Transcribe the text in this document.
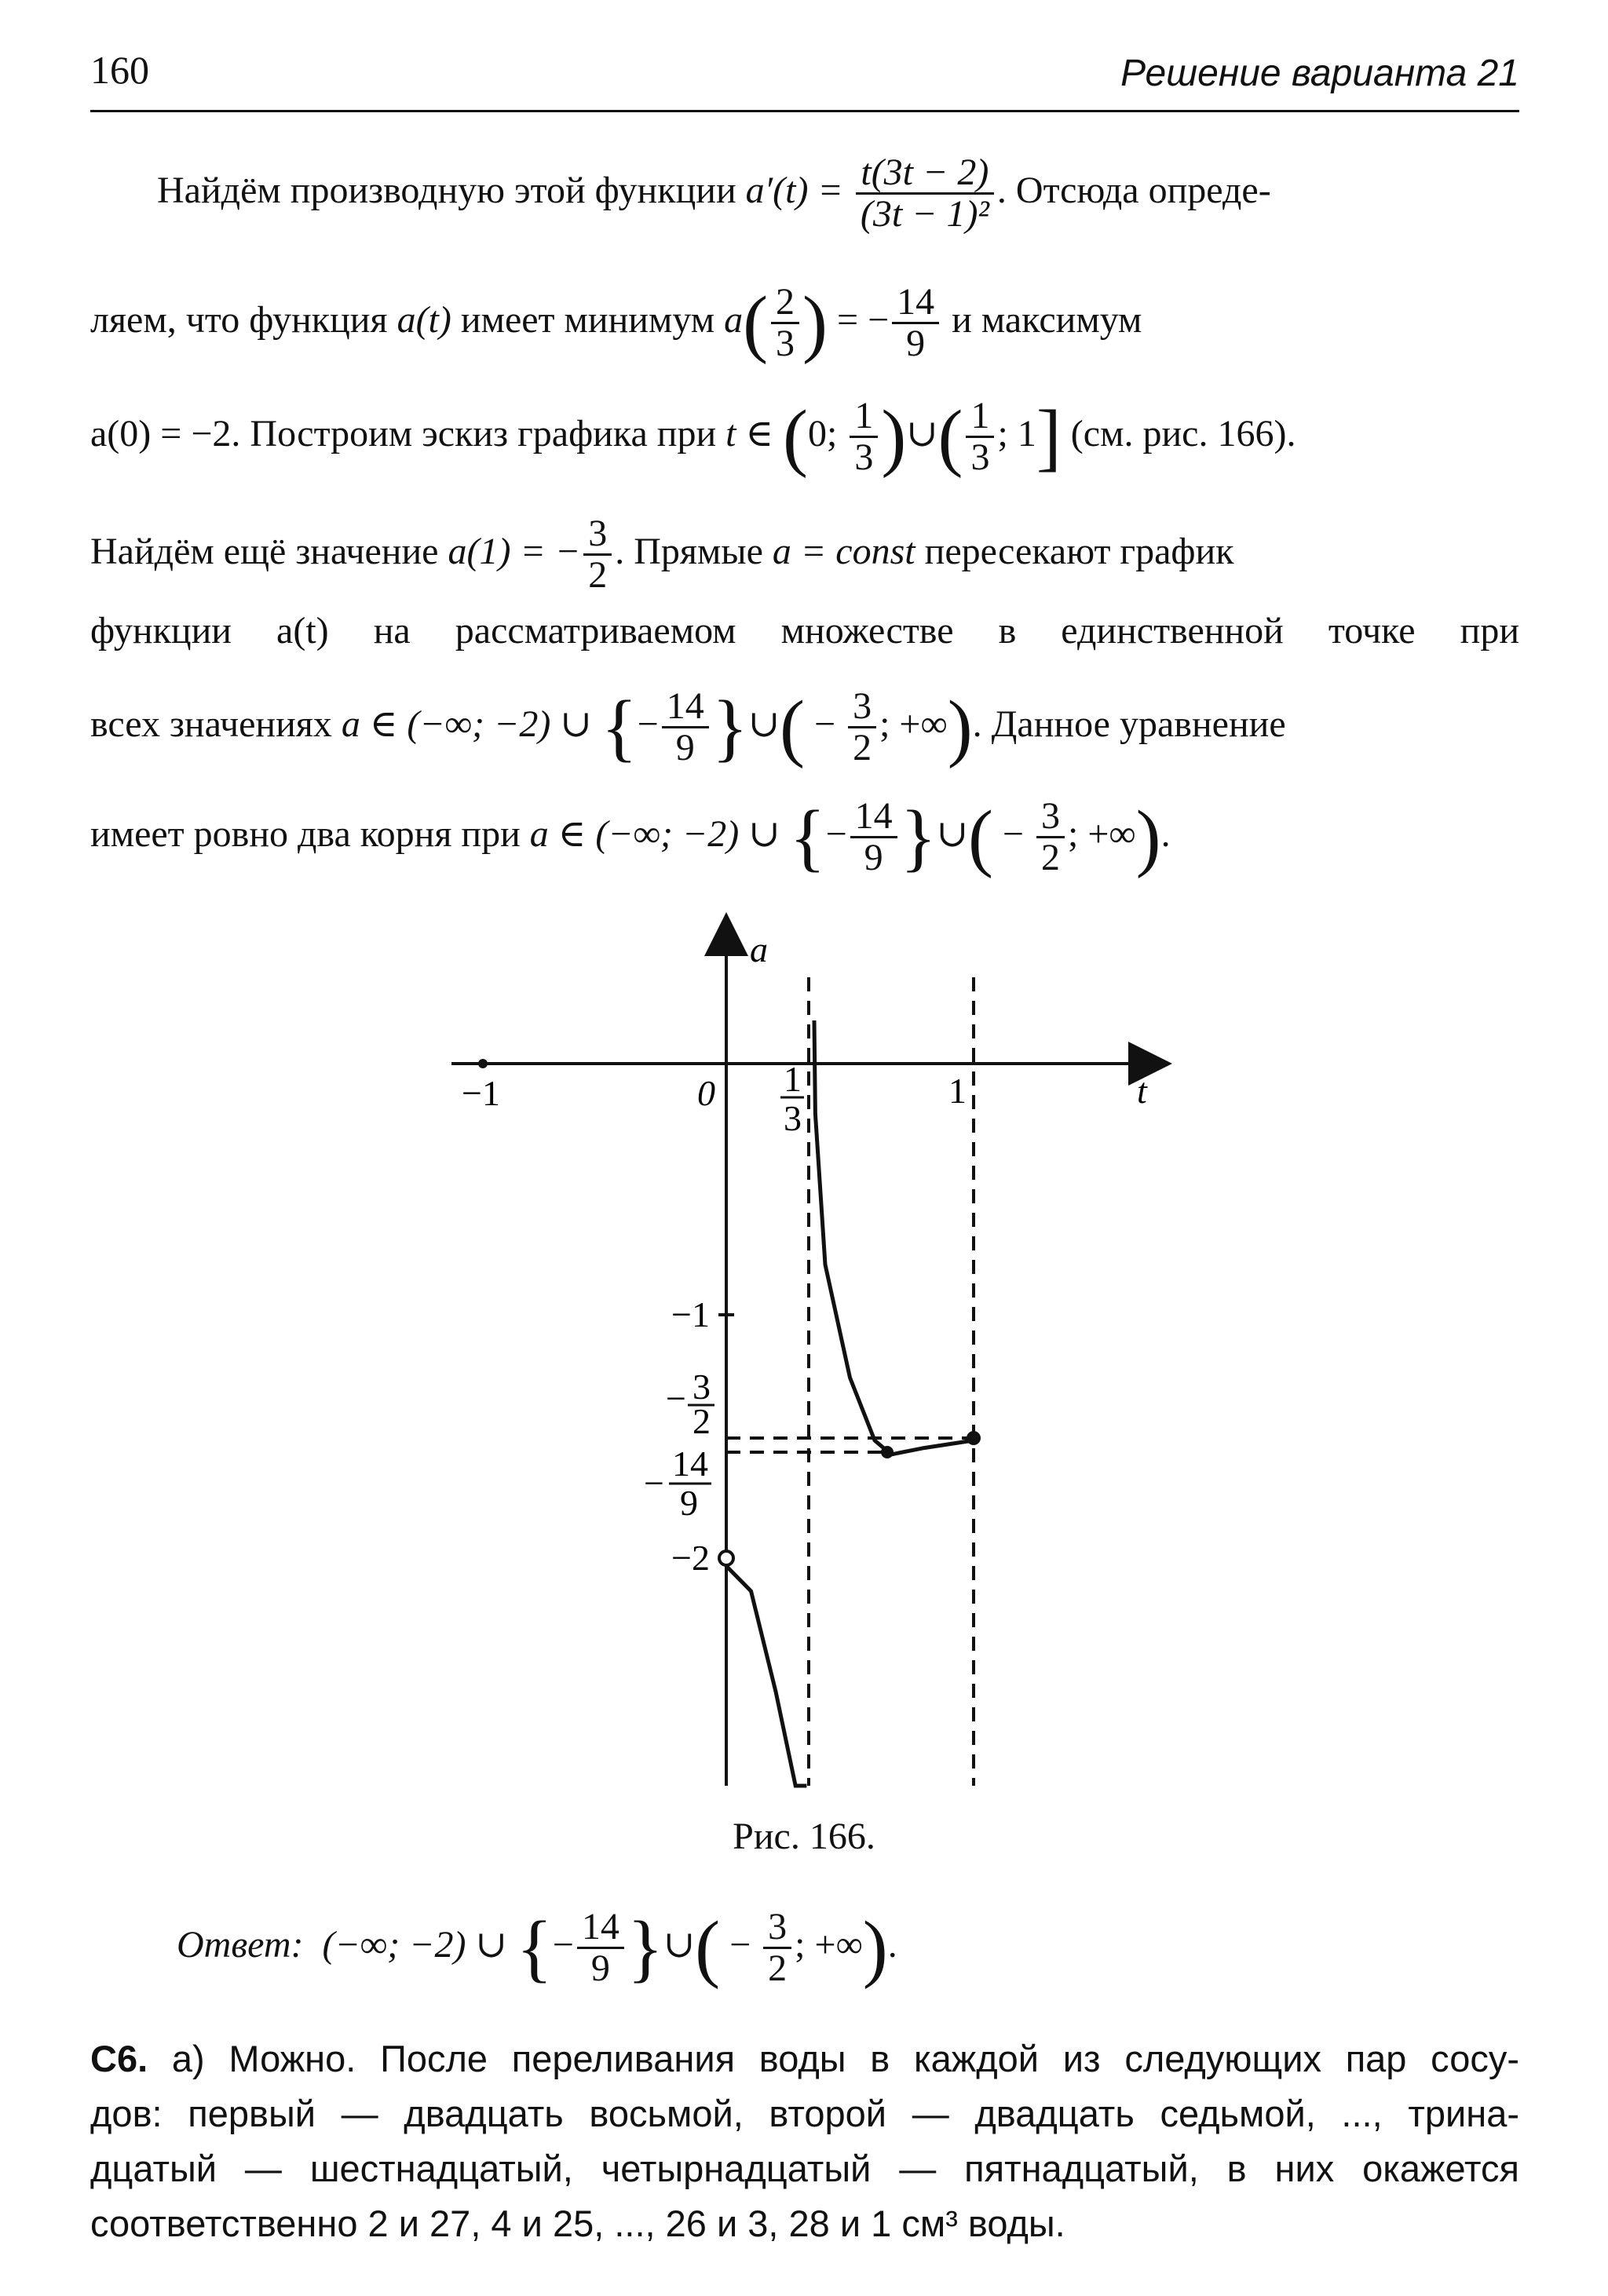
160	Решение варианта 21
Найдём производную этой функции $a'(t) = \frac{t(3t - 2)}{\text{(3t − 1)²}}$ . Отсюда опреде-
ляем, что функция a(t) имеет минимум $a( \frac{2}{3}$ ) = − $\frac{14}{9}$ и максимум
a(0) = −2. Построим эскиз графика при t ∈ (0; $\frac{1}{3}$ )∪( $\frac{1}{3}$ ; 1] (см. рис. 166).
Найдём ещё значение a(1) = − $\frac{3}{2}$ . Прямые a = const пересекают график
функции a(t) на рассматриваемом множестве в единственной точке при
всех значениях a ∈ (−∞; −2) ∪ {− $\frac{14}{9}$ }∪( − $\frac{3}{2}$ ; +∞). Данное уравнение
имеет ровно два корня при a ∈ (−∞; −2) ∪ {− $\frac{14}{9}$ }∪( − $\frac{3}{2}$ ; +∞).
a
t
−1	0	1
1
3
−1
−2
− 3
2
− 14
9
Рис. 166.
Ответ: (−∞; −2) ∪ {− $\frac{14}{9}$ }∪( − $\frac{3}{2}$ ; +∞).
С6. а) Можно. После переливания воды в каждой из следующих пар сосу-
дов: первый — двадцать восьмой, второй — двадцать седьмой, ..., трина-
дцатый — шестнадцатый, четырнадцатый — пятнадцатый, в них окажется
соответственно 2 и 27, 4 и 25, ..., 26 и 3, 28 и 1 см³ воды.
